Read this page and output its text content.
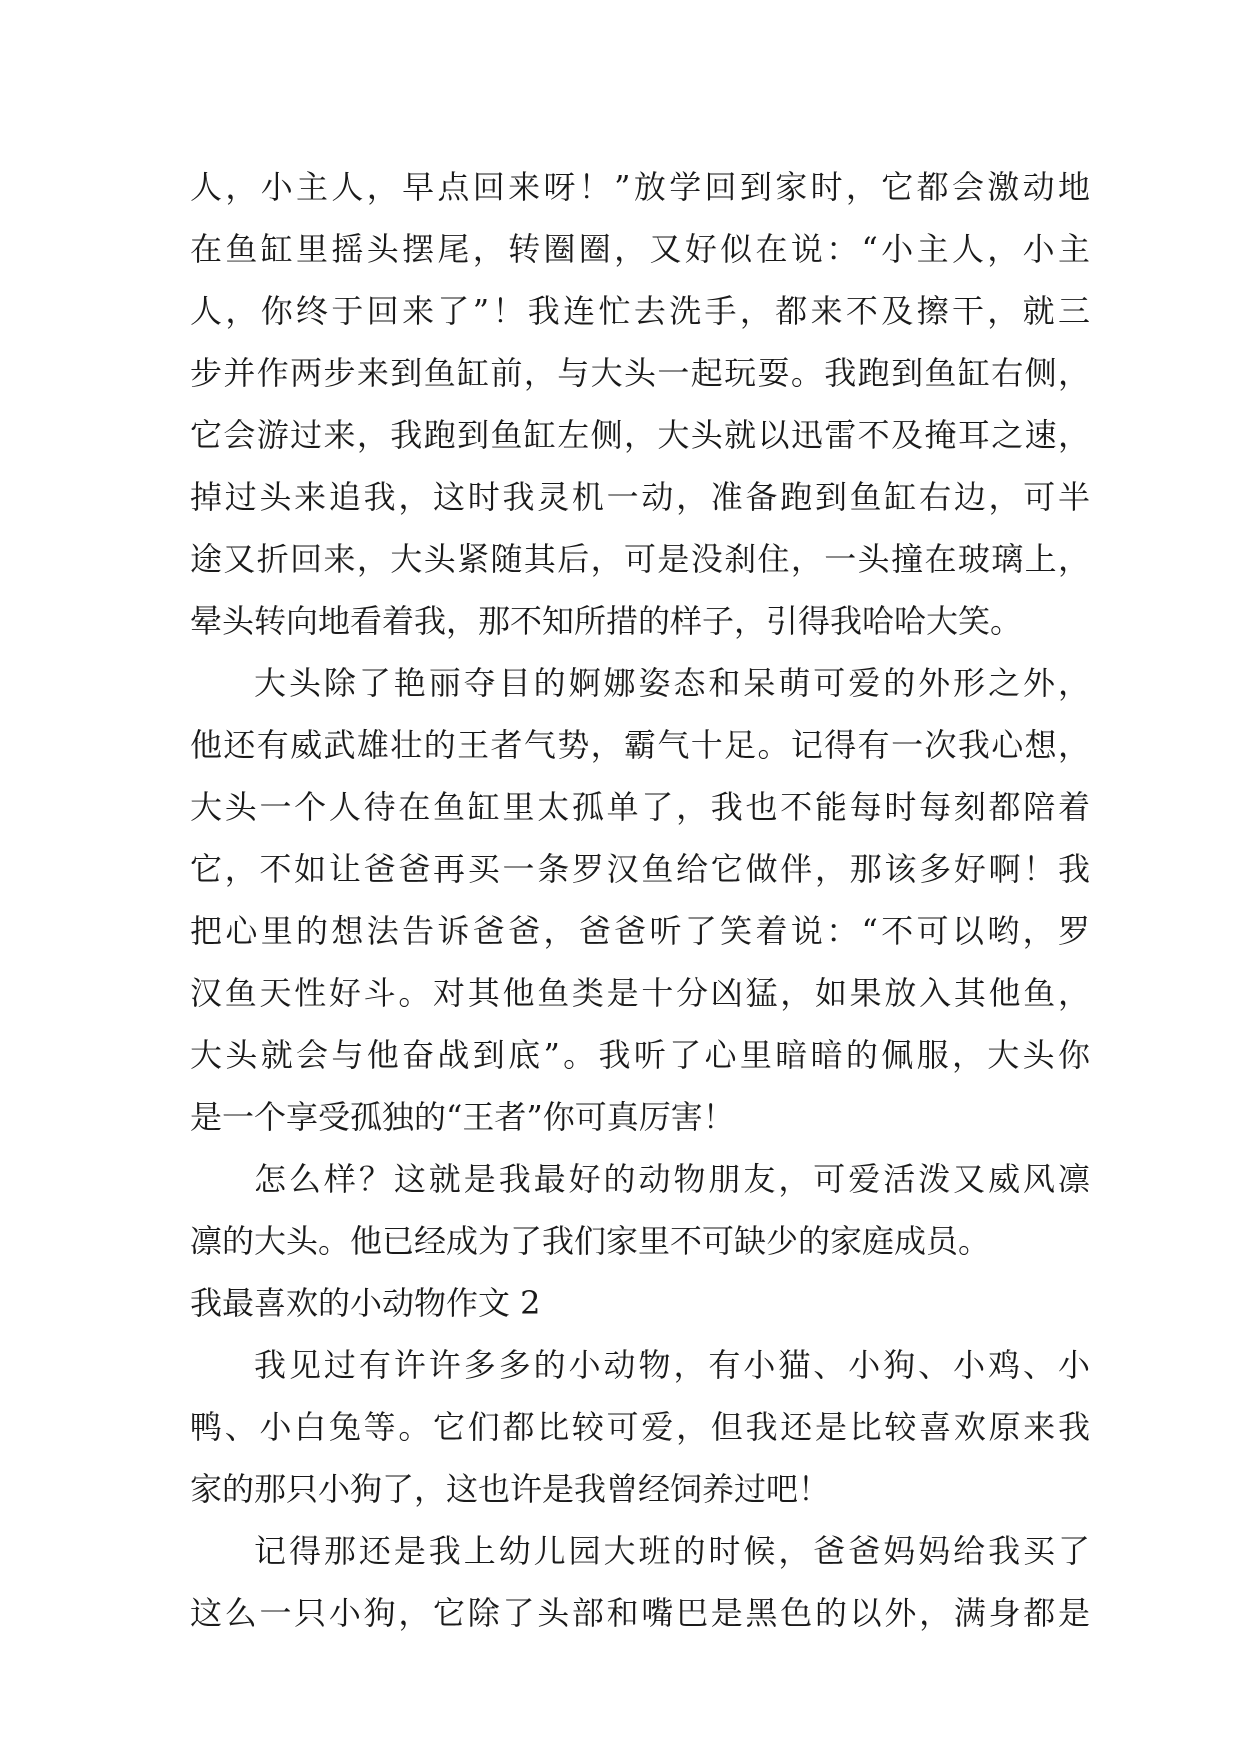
人，小主人，早点回来呀！”放学回到家时，它都会激动地
在鱼缸里摇头摆尾，转圈圈，又好似在说：“小主人，小主
人，你终于回来了”！我连忙去洗手，都来不及擦干，就三
步并作两步来到鱼缸前，与大头一起玩耍。我跑到鱼缸右侧，
它会游过来，我跑到鱼缸左侧，大头就以迅雷不及掩耳之速，
掉过头来追我，这时我灵机一动，准备跑到鱼缸右边，可半
途又折回来，大头紧随其后，可是没刹住，一头撞在玻璃上，
晕头转向地看着我，那不知所措的样子，引得我哈哈大笑。
大头除了艳丽夺目的婀娜姿态和呆萌可爱的外形之外，
他还有威武雄壮的王者气势，霸气十足。记得有一次我心想，
大头一个人待在鱼缸里太孤单了，我也不能每时每刻都陪着
它，不如让爸爸再买一条罗汉鱼给它做伴，那该多好啊！我
把心里的想法告诉爸爸，爸爸听了笑着说：“不可以哟，罗
汉鱼天性好斗。对其他鱼类是十分凶猛，如果放入其他鱼，
大头就会与他奋战到底”。我听了心里暗暗的佩服，大头你
是一个享受孤独的“王者”你可真厉害！
怎么样？这就是我最好的动物朋友，可爱活泼又威风凛
凛的大头。他已经成为了我们家里不可缺少的家庭成员。
我最喜欢的小动物作文 2
我见过有许许多多的小动物，有小猫、小狗、小鸡、小
鸭、小白兔等。它们都比较可爱，但我还是比较喜欢原来我
家的那只小狗了，这也许是我曾经饲养过吧！
记得那还是我上幼儿园大班的时候，爸爸妈妈给我买了
这么一只小狗，它除了头部和嘴巴是黑色的以外，满身都是
